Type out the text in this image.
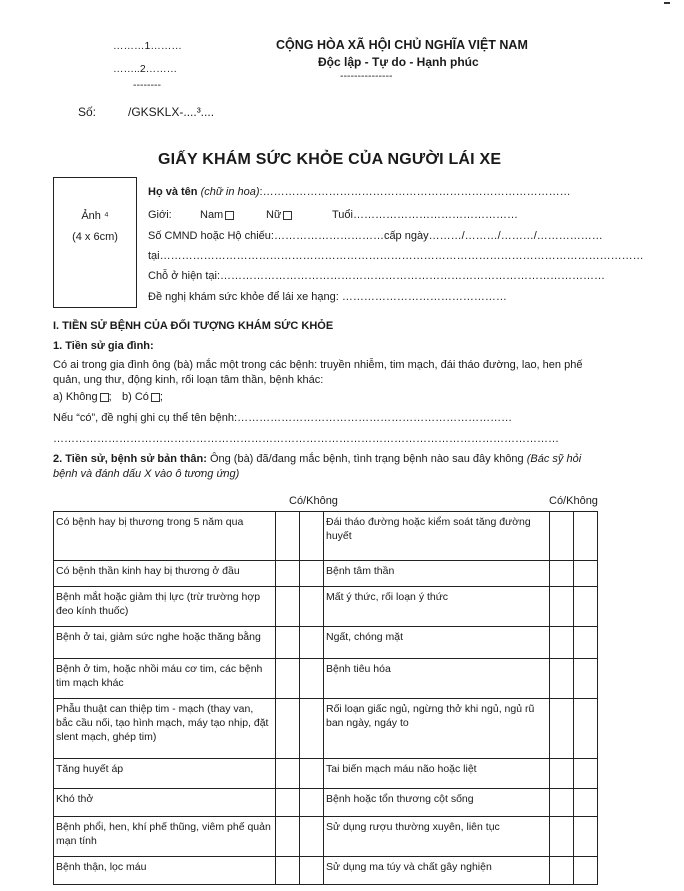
………1………
……..2………
--------
CỘNG HÒA XÃ HỘI CHỦ NGHĨA VIỆT NAM
Độc lập - Tự do - Hạnh phúc
---------------
Số:	/GKSKLX-....³....
GIẤY KHÁM SỨC KHỎE CỦA NGƯỜI LÁI XE
Ảnh ⁴
(4 x 6cm)
Họ và tên (chữ in hoa):…………………………………………………………………………
Giới:	Nam	Nữ	Tuổi………………………………………
Số CMND hoặc Hộ chiếu:…………………………cấp ngày………/………/………/………………
tại……………………………………………………………………………………………………………………
Chỗ ở hiện tại:……………………………………………………………………………………………
Đề nghị khám sức khỏe để lái xe hạng: ………………………………………
I. TIỀN SỬ BỆNH CỦA ĐỐI TƯỢNG KHÁM SỨC KHỎE
1. Tiền sử gia đình:
Có ai trong gia đình ông (bà) mắc một trong các bệnh: truyền nhiễm, tim mạch, đái tháo đường, lao, hen phế quản, ung thư, động kinh, rối loạn tâm thần, bệnh khác:
a) Không ; b) Có ;
Nếu “có”, đề nghị ghi cụ thể tên bệnh:…………………………………………………………………
…………………………………………………………………………………………………………………………
2. Tiền sử, bệnh sử bản thân: Ông (bà) đã/đang mắc bệnh, tình trạng bệnh nào sau đây không (Bác sỹ hỏi bệnh và đánh dấu X vào ô tương ứng)
Có/Không	Có/Không
Có bệnh hay bị thương trong 5 năm qua			Đái tháo đường hoặc kiểm soát tăng đường huyết		
Có bệnh thần kinh hay bị thương ở đầu			Bệnh tâm thần		
Bệnh mắt hoặc giảm thị lực (trừ trường hợp đeo kính thuốc)			Mất ý thức, rối loạn ý thức		
Bệnh ở tai, giảm sức nghe hoặc thăng bằng			Ngất, chóng mặt		
Bệnh ở tim, hoặc nhồi máu cơ tim, các bệnh tim mạch khác			Bệnh tiêu hóa		
Phẫu thuật can thiệp tim - mạch (thay van, bắc cầu nối, tạo hình mạch, máy tạo nhịp, đặt slent mạch, ghép tim)			Rối loạn giấc ngủ, ngừng thở khi ngủ, ngủ rũ ban ngày, ngáy to		
Tăng huyết áp			Tai biến mạch máu não hoặc liệt		
Khó thở			Bệnh hoặc tổn thương cột sống		
Bệnh phổi, hen, khí phế thũng, viêm phế quản mạn tính			Sử dụng rượu thường xuyên, liên tục		
Bệnh thận, lọc máu			Sử dụng ma túy và chất gây nghiện		
